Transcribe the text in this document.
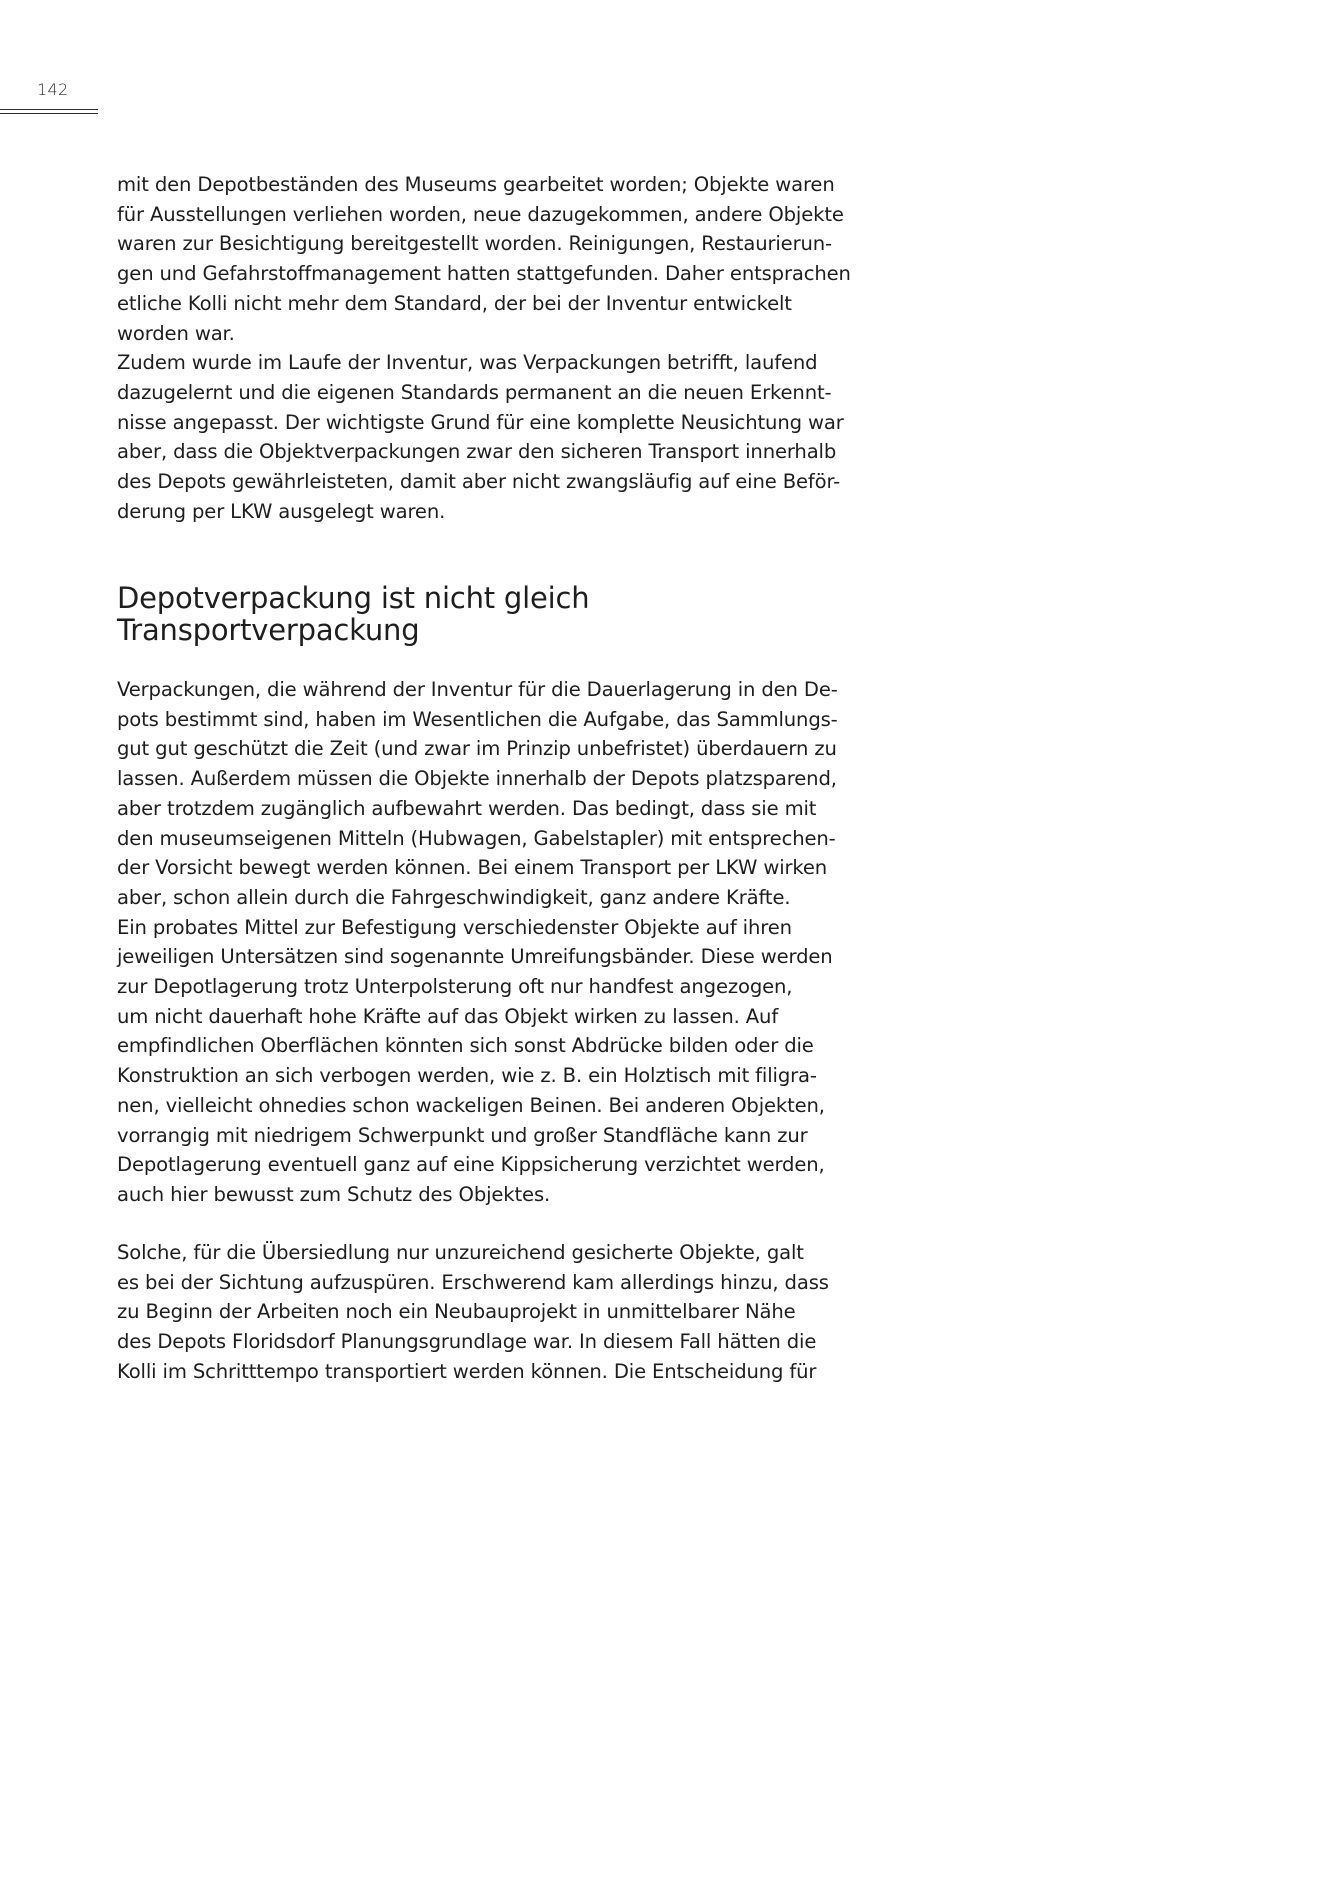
142
mit den Depotbeständen des Museums gearbeitet worden; Objekte waren
für Ausstellungen verliehen worden, neue dazugekommen, andere Objekte
waren zur Besichtigung bereitgestellt worden. Reinigungen, Restaurierun-
gen und Gefahrstoffmanagement hatten stattgefunden. Daher entsprachen
etliche Kolli nicht mehr dem Standard, der bei der Inventur entwickelt
worden war.
Zudem wurde im Laufe der Inventur, was Verpackungen betrifft, laufend
dazugelernt und die eigenen Standards permanent an die neuen Erkennt-
nisse angepasst. Der wichtigste Grund für eine komplette Neusichtung war
aber, dass die Objektverpackungen zwar den sicheren Transport innerhalb
des Depots gewährleisteten, damit aber nicht zwangsläufig auf eine Beför-
derung per LKW ausgelegt waren.
Depotverpackung ist nicht gleich
Transportverpackung
Verpackungen, die während der Inventur für die Dauerlagerung in den De-
pots bestimmt sind, haben im Wesentlichen die Aufgabe, das Sammlungs-
gut gut geschützt die Zeit (und zwar im Prinzip unbefristet) überdauern zu
lassen. Außerdem müssen die Objekte innerhalb der Depots platzsparend,
aber trotzdem zugänglich aufbewahrt werden. Das bedingt, dass sie mit
den museumseigenen Mitteln (Hubwagen, Gabelstapler) mit entsprechen-
der Vorsicht bewegt werden können. Bei einem Transport per LKW wirken
aber, schon allein durch die Fahrgeschwindigkeit, ganz andere Kräfte.
Ein probates Mittel zur Befestigung verschiedenster Objekte auf ihren
jeweiligen Untersätzen sind sogenannte Umreifungsbänder. Diese werden
zur Depotlagerung trotz Unterpolsterung oft nur handfest angezogen,
um nicht dauerhaft hohe Kräfte auf das Objekt wirken zu lassen. Auf
empfindlichen Oberflächen könnten sich sonst Abdrücke bilden oder die
Konstruktion an sich verbogen werden, wie z. B. ein Holztisch mit filigra-
nen, vielleicht ohnedies schon wackeligen Beinen. Bei anderen Objekten,
vorrangig mit niedrigem Schwerpunkt und großer Standfläche kann zur
Depotlagerung eventuell ganz auf eine Kippsicherung verzichtet werden,
auch hier bewusst zum Schutz des Objektes.
Solche, für die Übersiedlung nur unzureichend gesicherte Objekte, galt
es bei der Sichtung aufzuspüren. Erschwerend kam allerdings hinzu, dass
zu Beginn der Arbeiten noch ein Neubauprojekt in unmittelbarer Nähe
des Depots Floridsdorf Planungsgrundlage war. In diesem Fall hätten die
Kolli im Schritttempo transportiert werden können. Die Entscheidung für
